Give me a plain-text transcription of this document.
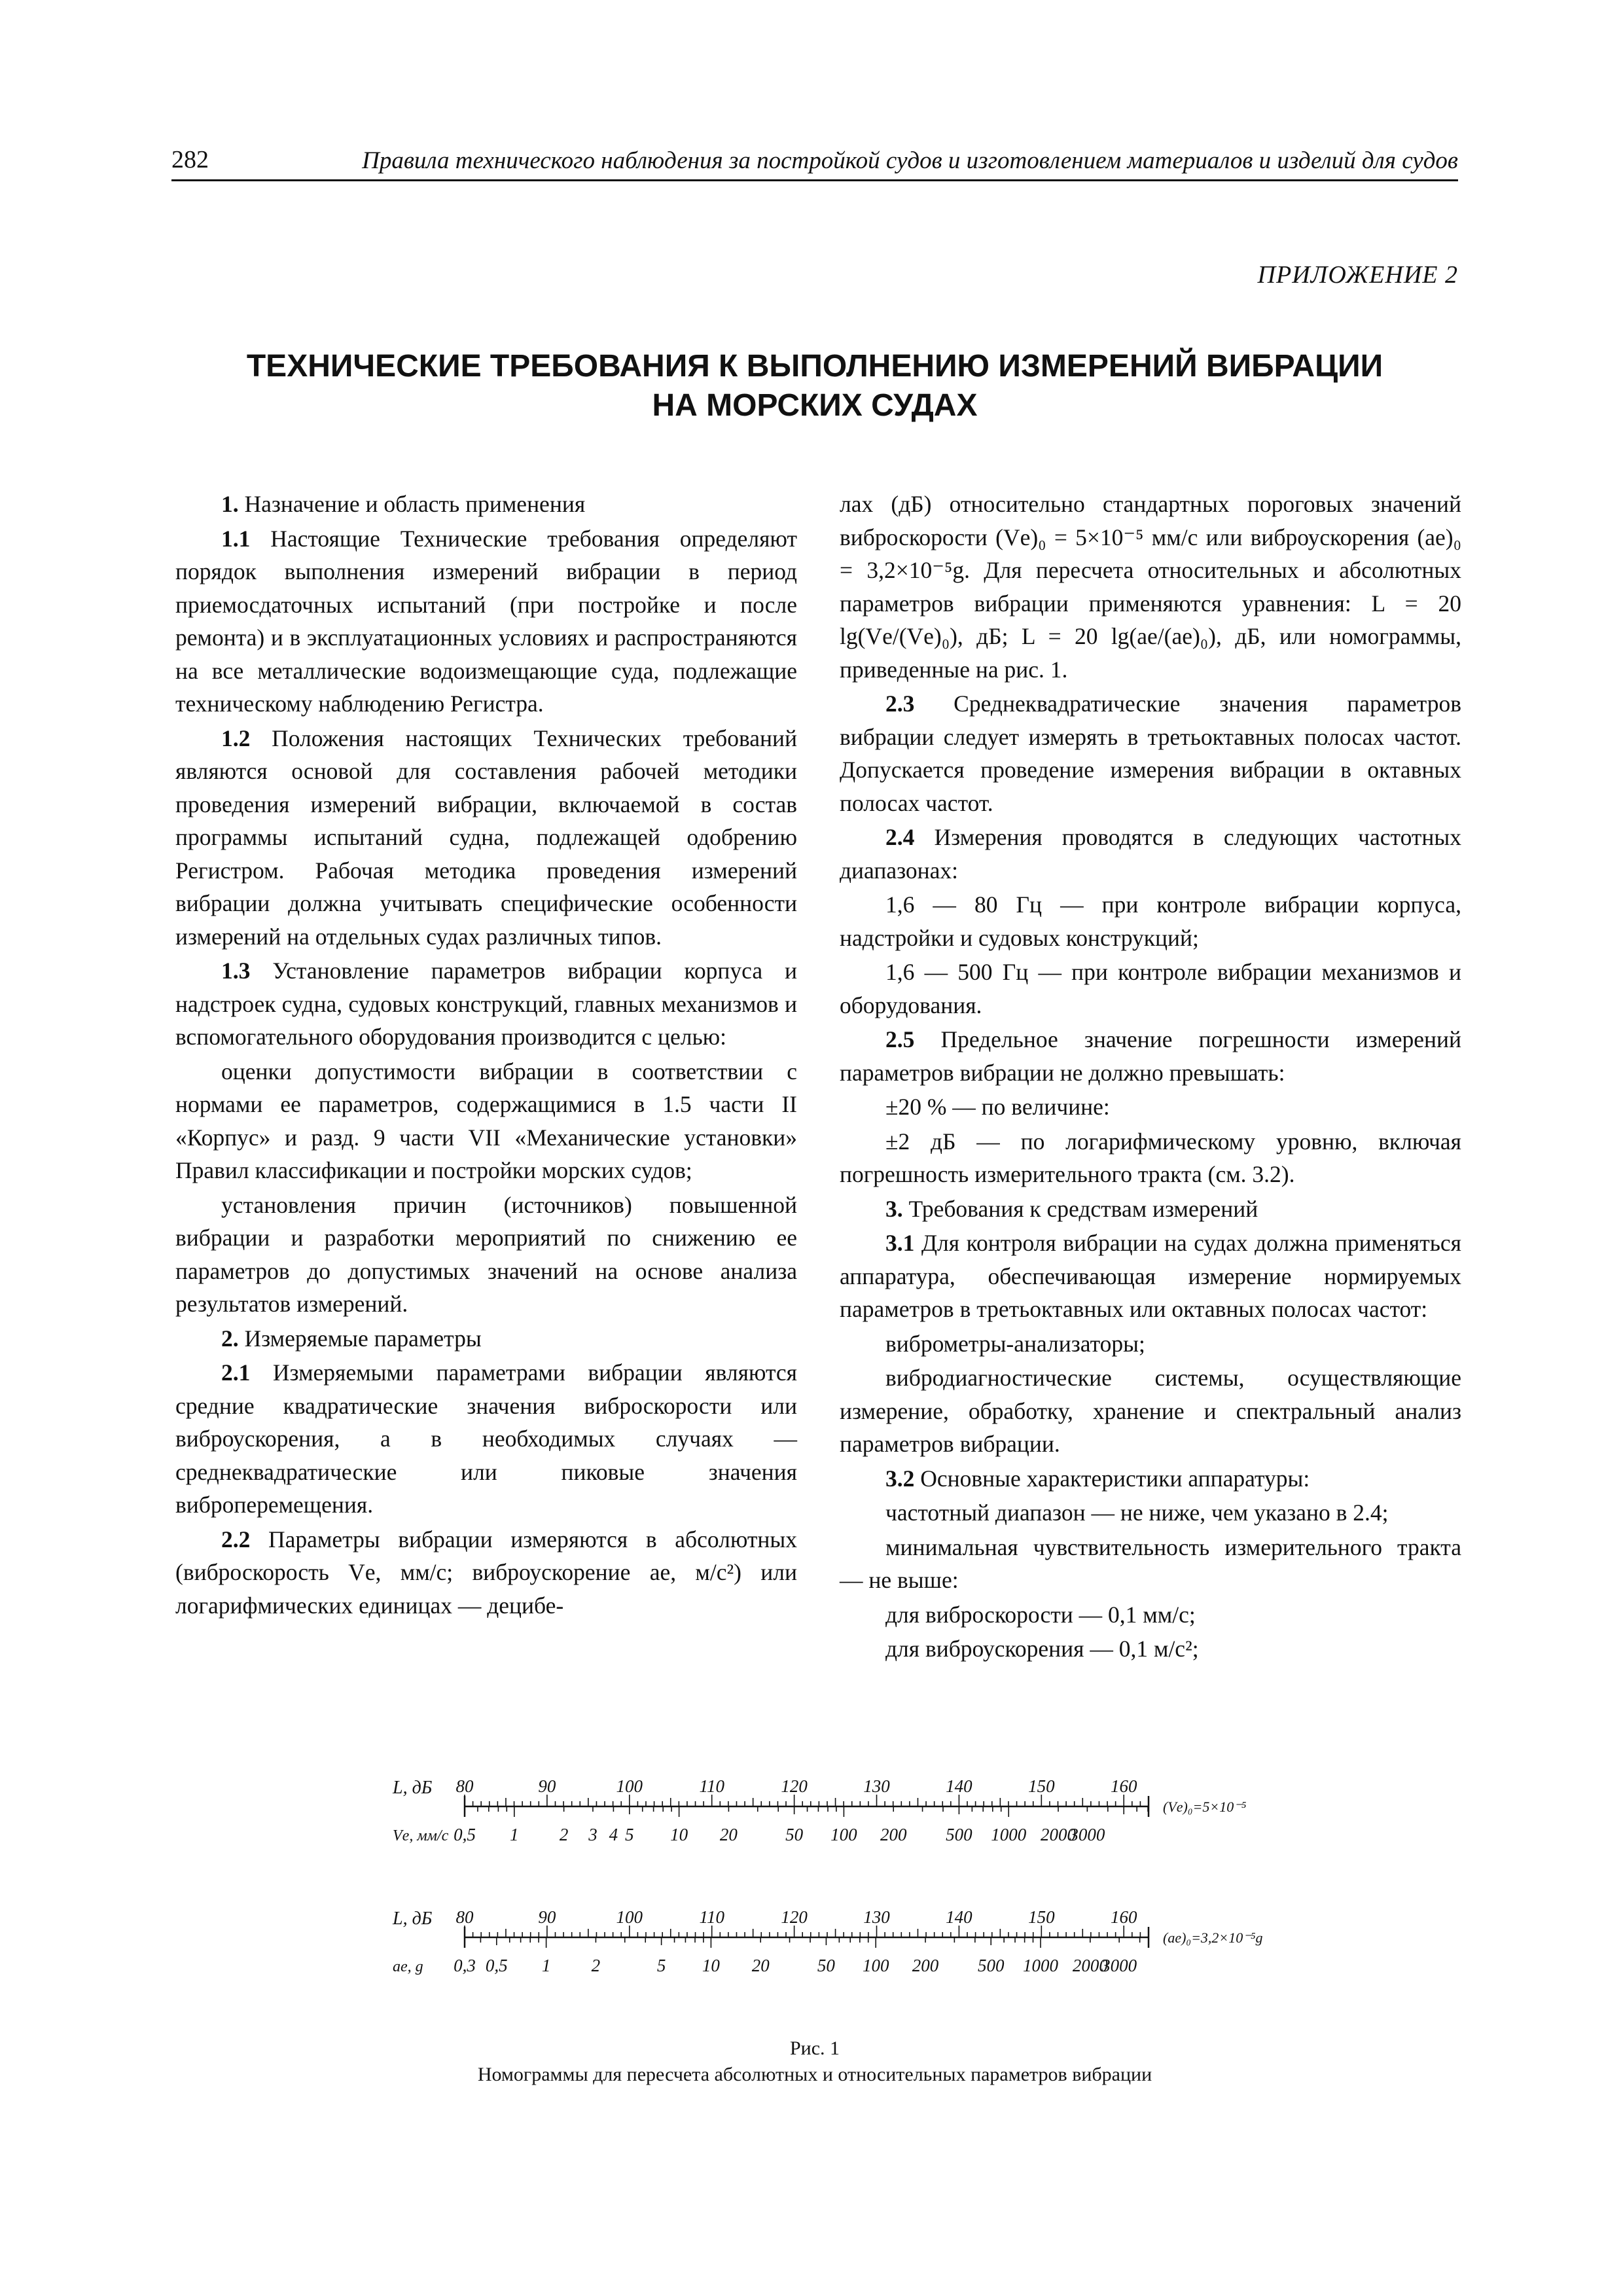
282	Правила технического наблюдения за постройкой судов и изготовлением материалов и изделий для судов
ПРИЛОЖЕНИЕ 2
ТЕХНИЧЕСКИЕ ТРЕБОВАНИЯ К ВЫПОЛНЕНИЮ ИЗМЕРЕНИЙ ВИБРАЦИИ
НА МОРСКИХ СУДАХ

1. Назначение и область применения

1.1 Настоящие Технические требования определяют порядок выполнения измерений вибрации в период приемосдаточных испытаний (при постройке и после ремонта) и в эксплуатационных условиях и распространяются на все металлические водоизмещающие суда, подлежащие техническому наблюдению Регистра.

1.2 Положения настоящих Технических требований являются основой для составления рабочей методики проведения измерений вибрации, включаемой в состав программы испытаний судна, подлежащей одобрению Регистром. Рабочая методика проведения измерений вибрации должна учитывать специфические особенности измерений на отдельных судах различных типов.

1.3 Установление параметров вибрации корпуса и надстроек судна, судовых конструкций, главных механизмов и вспомогательного оборудования производится с целью:

оценки допустимости вибрации в соответствии с нормами ее параметров, содержащимися в 1.5 части II «Корпус» и разд. 9 части VII «Механические установки» Правил классификации и постройки морских судов;

установления причин (источников) повышенной вибрации и разработки мероприятий по снижению ее параметров до допустимых значений на основе анализа результатов измерений.

2. Измеряемые параметры

2.1 Измеряемыми параметрами вибрации являются средние квадратические значения виброскорости или виброускорения, а в необходимых случаях — среднеквадратические или пиковые значения виброперемещения.

2.2 Параметры вибрации измеряются в абсолютных (виброскорость Vе, мм/с; виброускорение ае, м/с²) или логарифмических единицах — децибе-

лах (дБ) относительно стандартных пороговых значений виброскорости (Vе)₀ = 5×10⁻⁵ мм/с или виброускорения (ае)₀ = 3,2×10⁻⁵g. Для пересчета относительных и абсолютных параметров вибрации применяются уравнения: L = 20 lg(Vе/(Vе)₀), дБ; L = 20 lg(ае/(ае)₀), дБ, или номограммы, приведенные на рис. 1.

2.3 Среднеквадратические значения параметров вибрации следует измерять в третьоктавных полосах частот. Допускается проведение измерения вибрации в октавных полосах частот.

2.4 Измерения проводятся в следующих частотных диапазонах:

1,6 — 80 Гц — при контроле вибрации корпуса, надстройки и судовых конструкций;

1,6 — 500 Гц — при контроле вибрации механизмов и оборудования.

2.5 Предельное значение погрешности измерений параметров вибрации не должно превышать:

±20 % — по величине:

±2 дБ — по логарифмическому уровню, включая погрешность измерительного тракта (см. 3.2).

3. Требования к средствам измерений

3.1 Для контроля вибрации на судах должна применяться аппаратура, обеспечивающая измерение нормируемых параметров в третьоктавных или октавных полосах частот:

виброметры-анализаторы;

вибродиагностические системы, осуществляющие измерение, обработку, хранение и спектральный анализ параметров вибрации.

3.2 Основные характеристики аппаратуры:

частотный диапазон — не ниже, чем указано в 2.4;

минимальная чувствительность измерительного тракта — не выше:

для виброскорости — 0,1 мм/с;

для виброускорения — 0,1 м/с²;

L, дБ
Vе, мм/с
80	90	100	110	120	130	140	150	160
0,5 1 2 3 4 5 10 20	50 100 200 500 1000 2000
3000
(Vе)₀=5×10⁻⁵
L, дБ
ае, g
80	90	100	110	120	130	140	150	160
0,3 0,5 1 2	5 10 20	50 100 200 500 1000 2000
3000
(ае)₀=3,2×10⁻⁵g
Рис. 1
Номограммы для пересчета абсолютных и относительных параметров вибрации
